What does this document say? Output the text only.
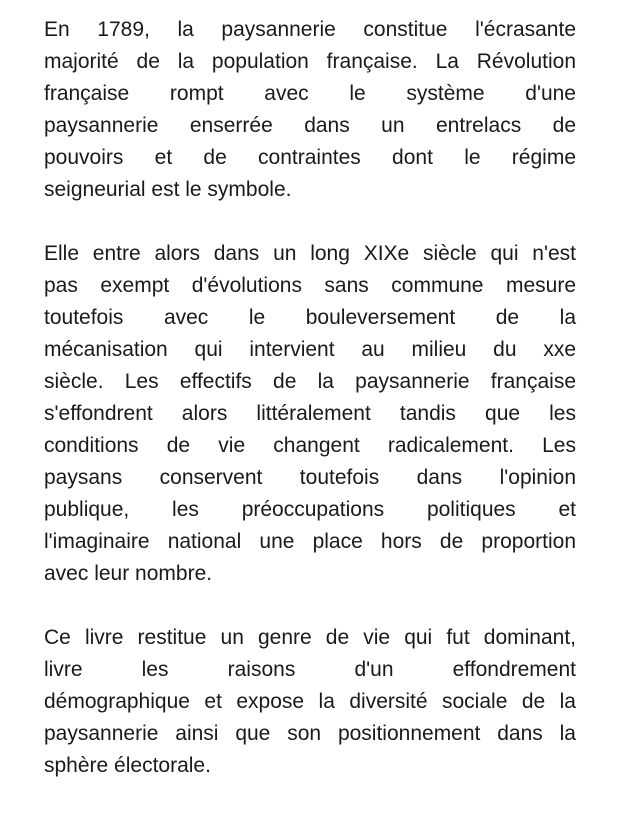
En 1789, la paysannerie constitue l'écrasante
majorité de la population française. La Révolution
française rompt avec le système d'une
paysannerie enserrée dans un entrelacs de
pouvoirs et de contraintes dont le régime
seigneurial est le symbole.

Elle entre alors dans un long XIXe siècle qui n'est
pas exempt d'évolutions sans commune mesure
toutefois avec le bouleversement de la
mécanisation qui intervient au milieu du xxe
siècle. Les effectifs de la paysannerie française
s'effondrent alors littéralement tandis que les
conditions de vie changent radicalement. Les
paysans conservent toutefois dans l'opinion
publique, les préoccupations politiques et
l'imaginaire national une place hors de proportion
avec leur nombre.

Ce livre restitue un genre de vie qui fut dominant,
livre les raisons d'un effondrement
démographique et expose la diversité sociale de la
paysannerie ainsi que son positionnement dans la
sphère électorale.
